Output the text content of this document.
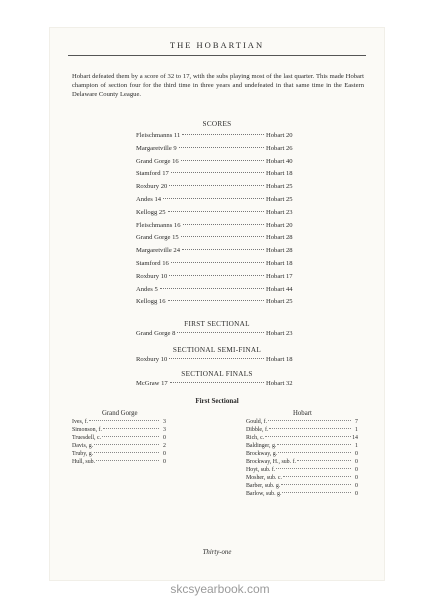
THE HOBARTIAN
Hobart defeated them by a score of 32 to 17, with the subs playing most of the last quarter. This made Hobart champion of section four for the third time in three years and undefeated in that same time in the Eastern Delaware County League.
SCORES
Fleischmanns 11	Hobart 20
Margaretville 9	Hobart 26
Grand Gorge 16	Hobart 40
Stamford 17	Hobart 18
Roxbury 20	Hobart 25
Andes 14	Hobart 25
Kellogg 25	Hobart 23
Fleischmanns 16	Hobart 20
Grand Gorge 15	Hobart 28
Margaretville 24	Hobart 28
Stamford 16	Hobart 18
Roxbury 10	Hobart 17
Andes 5	Hobart 44
Kellogg 16	Hobart 25
FIRST SECTIONAL
Grand Gorge 8	Hobart 23
SECTIONAL SEMI-FINAL
Roxbury 10	Hobart 18
SECTIONAL FINALS
McGraw 17	Hobart 32
First Sectional
Grand Gorge	Hobart
Ives, f.	3
Simonson, f.	3
Truesdell, c.	0
Davis, g.	2
Truby, g.	0
Hull, sub.	0
Gould, f.	7
Dibble, f.	1
Rich, c.	14
Baldinger, g.	1
Brockway, g.	0
Brockway, H., sub. f.	0
Hoyt, sub. f.	0
Mosher, sub. c.	0
Barber, sub. g.	0
Barlow, sub. g.	0
Thirty-one
skcsyearbook.com
